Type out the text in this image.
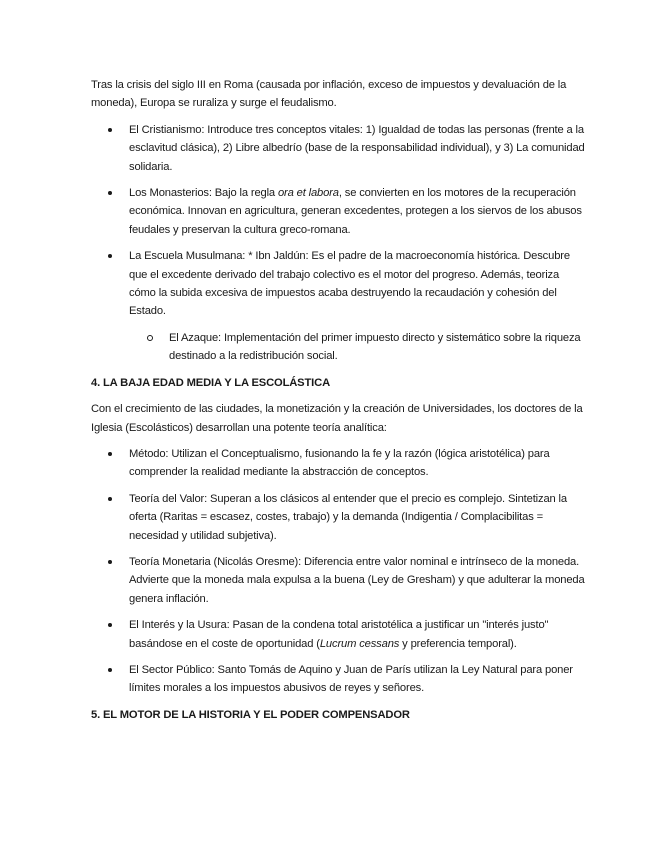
Tras la crisis del siglo III en Roma (causada por inflación, exceso de impuestos y devaluación de la moneda), Europa se ruraliza y surge el feudalismo.

El Cristianismo: Introduce tres conceptos vitales: 1) Igualdad de todas las personas (frente a la esclavitud clásica), 2) Libre albedrío (base de la responsabilidad individual), y 3) La comunidad solidaria.
Los Monasterios: Bajo la regla ora et labora, se convierten en los motores de la recuperación económica. Innovan en agricultura, generan excedentes, protegen a los siervos de los abusos feudales y preservan la cultura greco-romana.
La Escuela Musulmana: * Ibn Jaldún: Es el padre de la macroeconomía histórica. Descubre que el excedente derivado del trabajo colectivo es el motor del progreso. Además, teoriza cómo la subida excesiva de impuestos acaba destruyendo la recaudación y cohesión del Estado.
El Azaque: Implementación del primer impuesto directo y sistemático sobre la riqueza destinado a la redistribución social.

4. LA BAJA EDAD MEDIA Y LA ESCOLÁSTICA

Con el crecimiento de las ciudades, la monetización y la creación de Universidades, los doctores de la Iglesia (Escolásticos) desarrollan una potente teoría analítica:

Método: Utilizan el Conceptualismo, fusionando la fe y la razón (lógica aristotélica) para comprender la realidad mediante la abstracción de conceptos.
Teoría del Valor: Superan a los clásicos al entender que el precio es complejo. Sintetizan la oferta (Raritas = escasez, costes, trabajo) y la demanda (Indigentia / Complacibilitas = necesidad y utilidad subjetiva).
Teoría Monetaria (Nicolás Oresme): Diferencia entre valor nominal e intrínseco de la moneda. Advierte que la moneda mala expulsa a la buena (Ley de Gresham) y que adulterar la moneda genera inflación.
El Interés y la Usura: Pasan de la condena total aristotélica a justificar un "interés justo" basándose en el coste de oportunidad (Lucrum cessans y preferencia temporal).
El Sector Público: Santo Tomás de Aquino y Juan de París utilizan la Ley Natural para poner límites morales a los impuestos abusivos de reyes y señores.

5. EL MOTOR DE LA HISTORIA Y EL PODER COMPENSADOR
